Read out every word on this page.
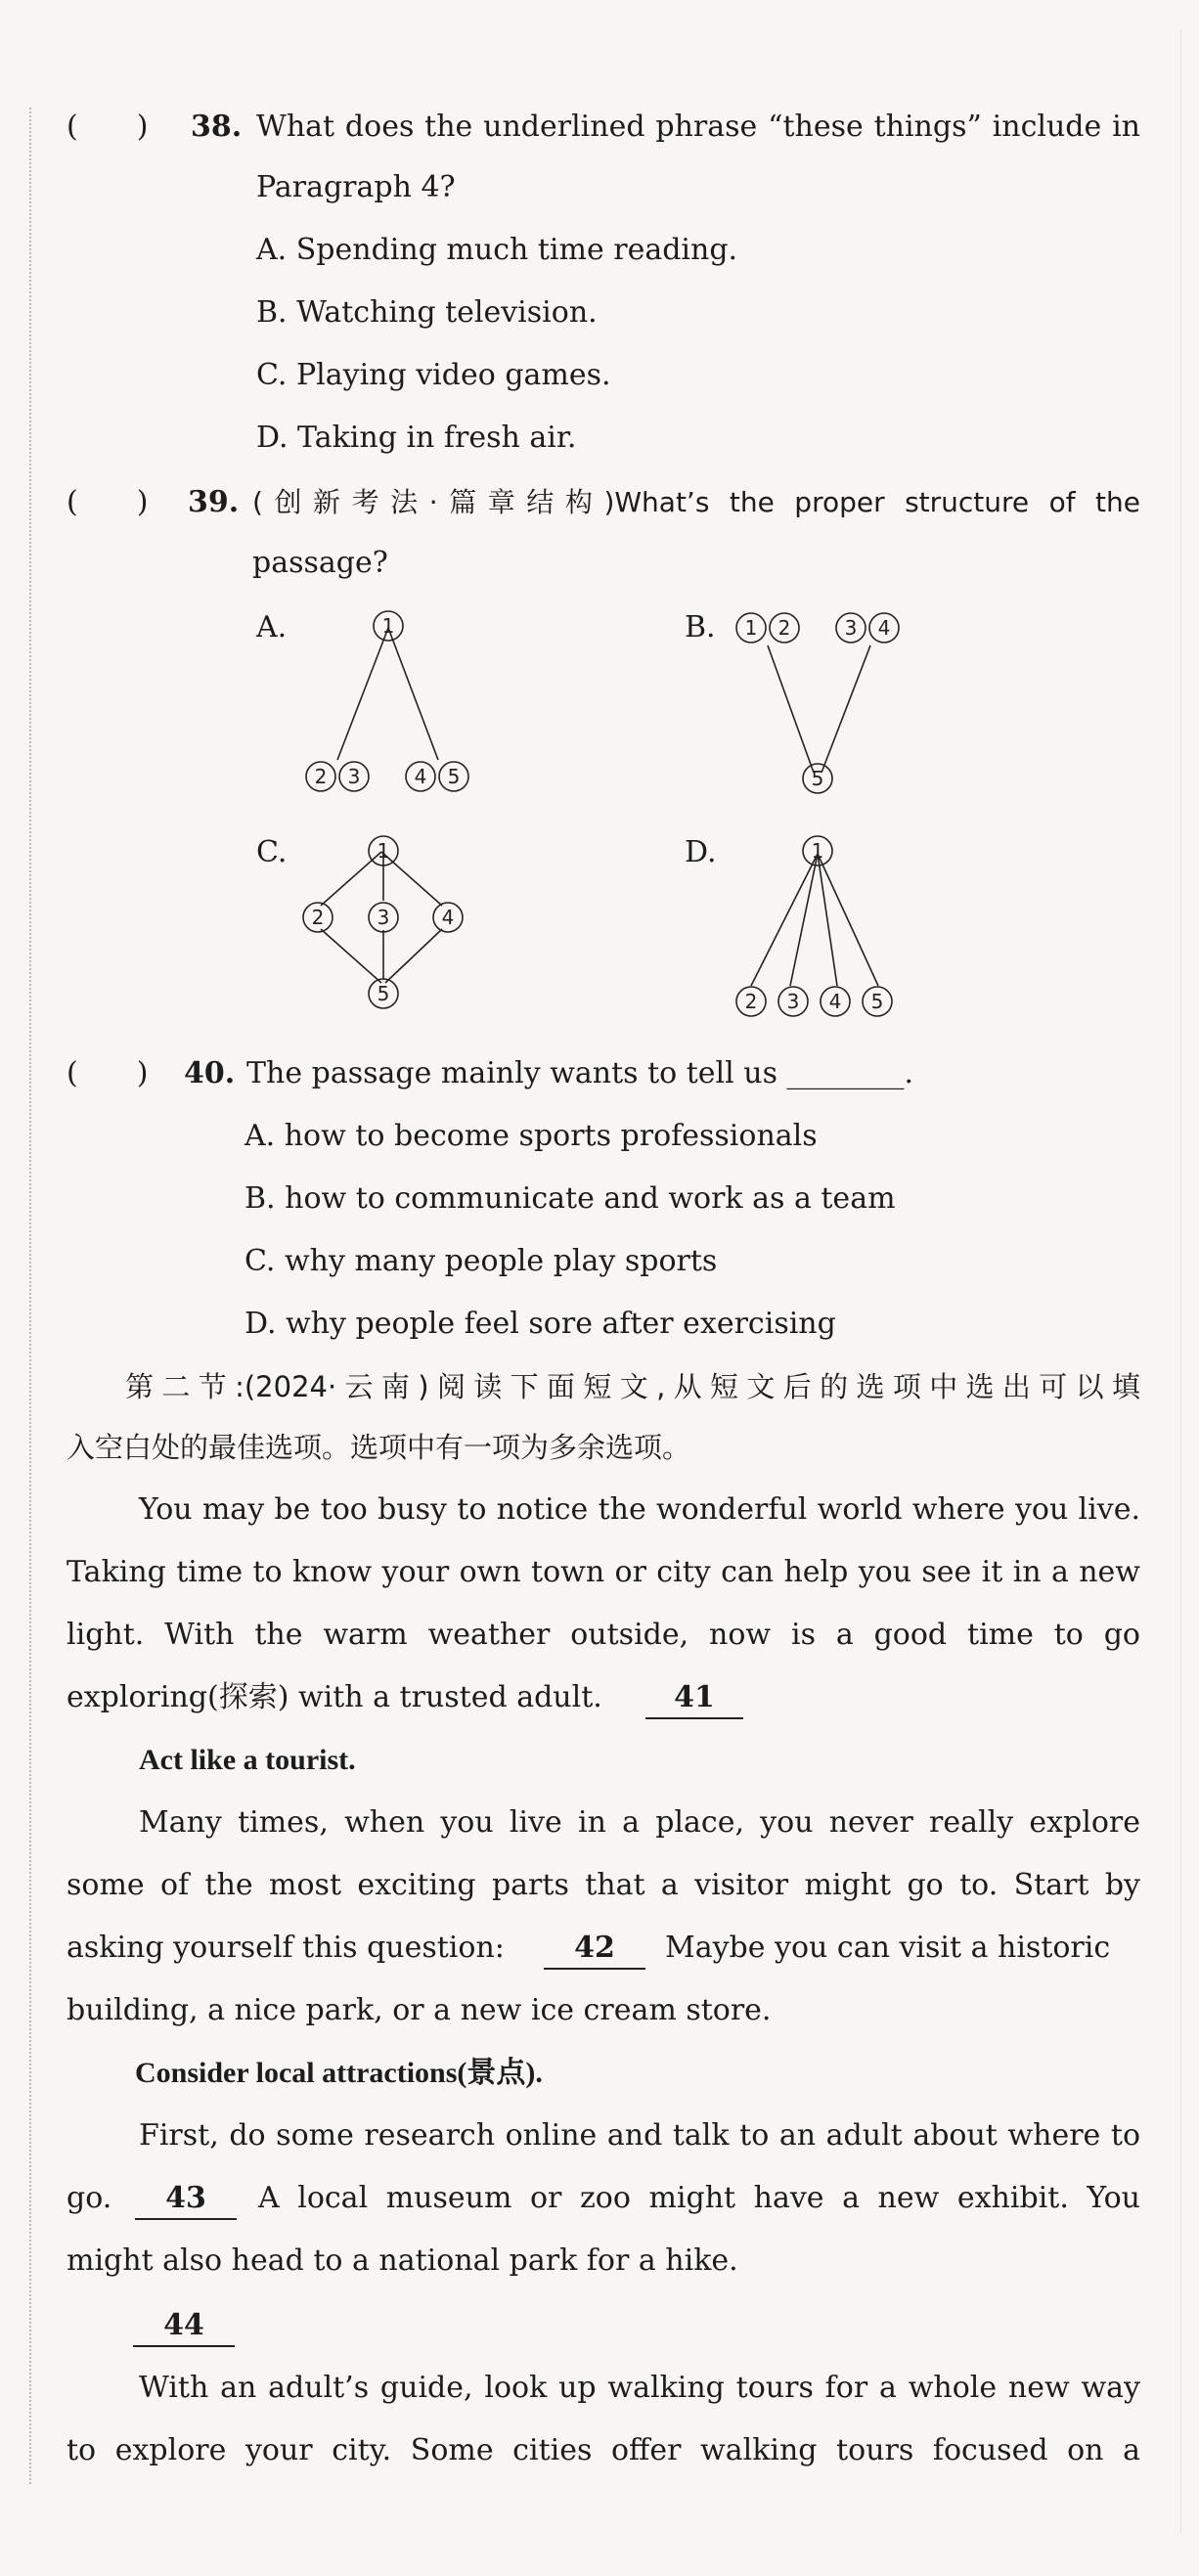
(　　) 38. What does the underlined phrase “these things” include in
Paragraph 4?
A. Spending much time reading.
B. Watching television.
C. Playing video games.
D. Taking in fresh air.
(　　) 39. (创新考法·篇章结构)What’s the proper structure of the
passage?
A.	1
2 3	4 5
B. 1 2	3 4
5
C.	1
2	3	4
5
D.	1
2 3 4 5
(　　) 40. The passage mainly wants to tell us ________.
A. how to become sports professionals
B. how to communicate and work as a team
C. why many people play sports
D. why people feel sore after exercising
第二节:(2024·云南)阅读下面短文,从短文后的选项中选出可以填
入空白处的最佳选项。选项中有一项为多余选项。
You may be too busy to notice the wonderful world where you live.
Taking time to know your own town or city can help you see it in a new
light. With the warm weather outside, now is a good time to go
exploring(探索) with a trusted adult.	41
Act like a tourist.
Many times, when you live in a place, you never really explore
some of the most exciting parts that a visitor might go to. Start by
asking yourself this question:	42	Maybe you can visit a historic
building, a nice park, or a new ice cream store.
Consider local attractions(景点).
First, do some research online and talk to an adult about where to
go.	43	A local museum or zoo might have a new exhibit. You
might also head to a national park for a hike.
44
With an adult’s guide, look up walking tours for a whole new way
to explore your city. Some cities offer walking tours focused on a
